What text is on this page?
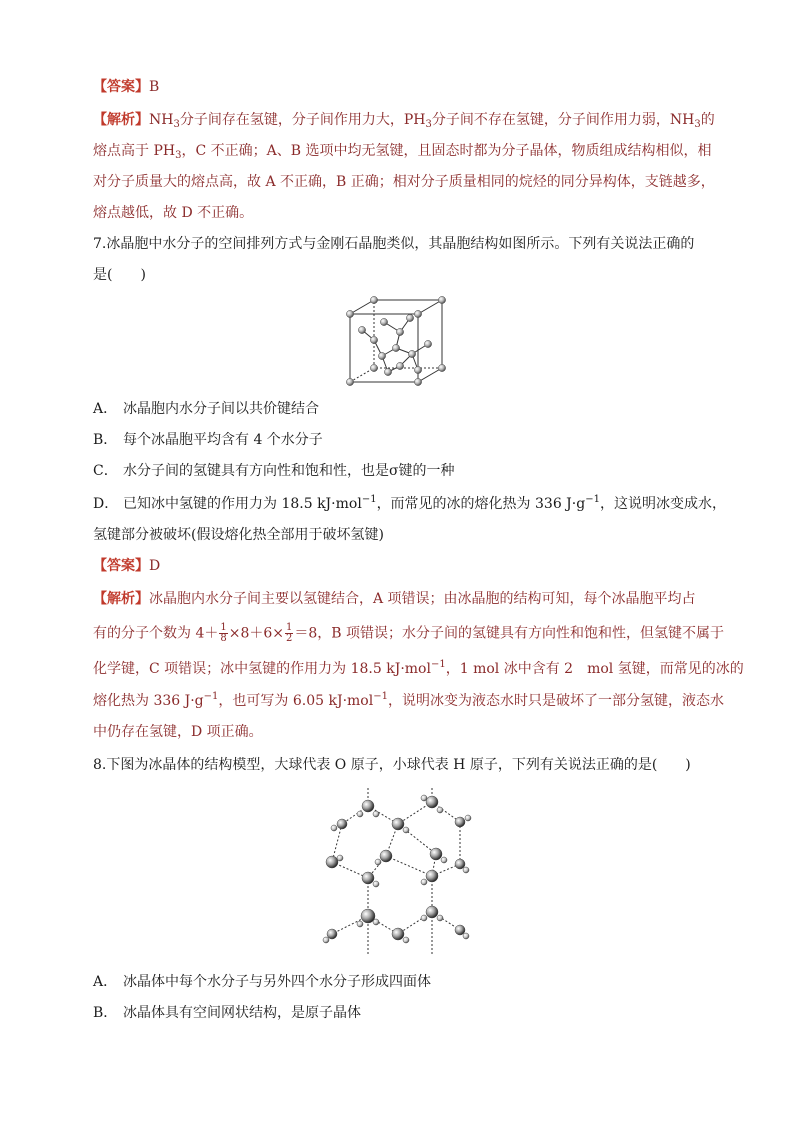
【答案】B
【解析】$NH_3$分子间存在氢键，分子间作用力大，$PH_3$分子间不存在氢键，分子间作用力弱，$NH_3$的
熔点高于 $PH_3$，C 不正确；A、B 选项中均无氢键，且固态时都为分子晶体，物质组成结构相似，相
对分子质量大的熔点高，故 A 不正确，B 正确；相对分子质量相同的烷烃的同分异构体，支链越多，
熔点越低，故 D 不正确。
7.冰晶胞中水分子的空间排列方式与金刚石晶胞类似，其晶胞结构如图所示。下列有关说法正确的
是(　　)
A． 冰晶胞内水分子间以共价键结合
B． 每个冰晶胞平均含有 4 个水分子
C． 水分子间的氢键具有方向性和饱和性，也是σ键的一种
D． 已知冰中氢键的作用力为 18.5 kJ·mol$^{-1}$，而常见的冰的熔化热为 336 $J\cdot g^{-1}$，这说明冰变成水，
氢键部分被破坏(假设熔化热全部用于破坏氢键)
【答案】D
【解析】冰晶胞内水分子间主要以氢键结合，A 项错误；由冰晶胞的结构可知，每个冰晶胞平均占
有的分子个数为 $4+ \frac{1}{8} \times 8+6\times \frac{1}{2} =8$，B 项错误；水分子间的氢键具有方向性和饱和性，但氢键不属于
化学键，C 项错误；冰中氢键的作用力为 18.5 kJ·mol$^{-1}$，1 mol 冰中含有 2　mol 氢键，而常见的冰的
熔化热为 336 $J\cdot g^{-1}$，也可写为 6.05 kJ·mol$^{-1}$，说明冰变为液态水时只是破坏了一部分氢键，液态水
中仍存在氢键，D 项正确。
8.下图为冰晶体的结构模型，大球代表 O 原子，小球代表 H 原子，下列有关说法正确的是(　　)
A． 冰晶体中每个水分子与另外四个水分子形成四面体
B． 冰晶体具有空间网状结构，是原子晶体
